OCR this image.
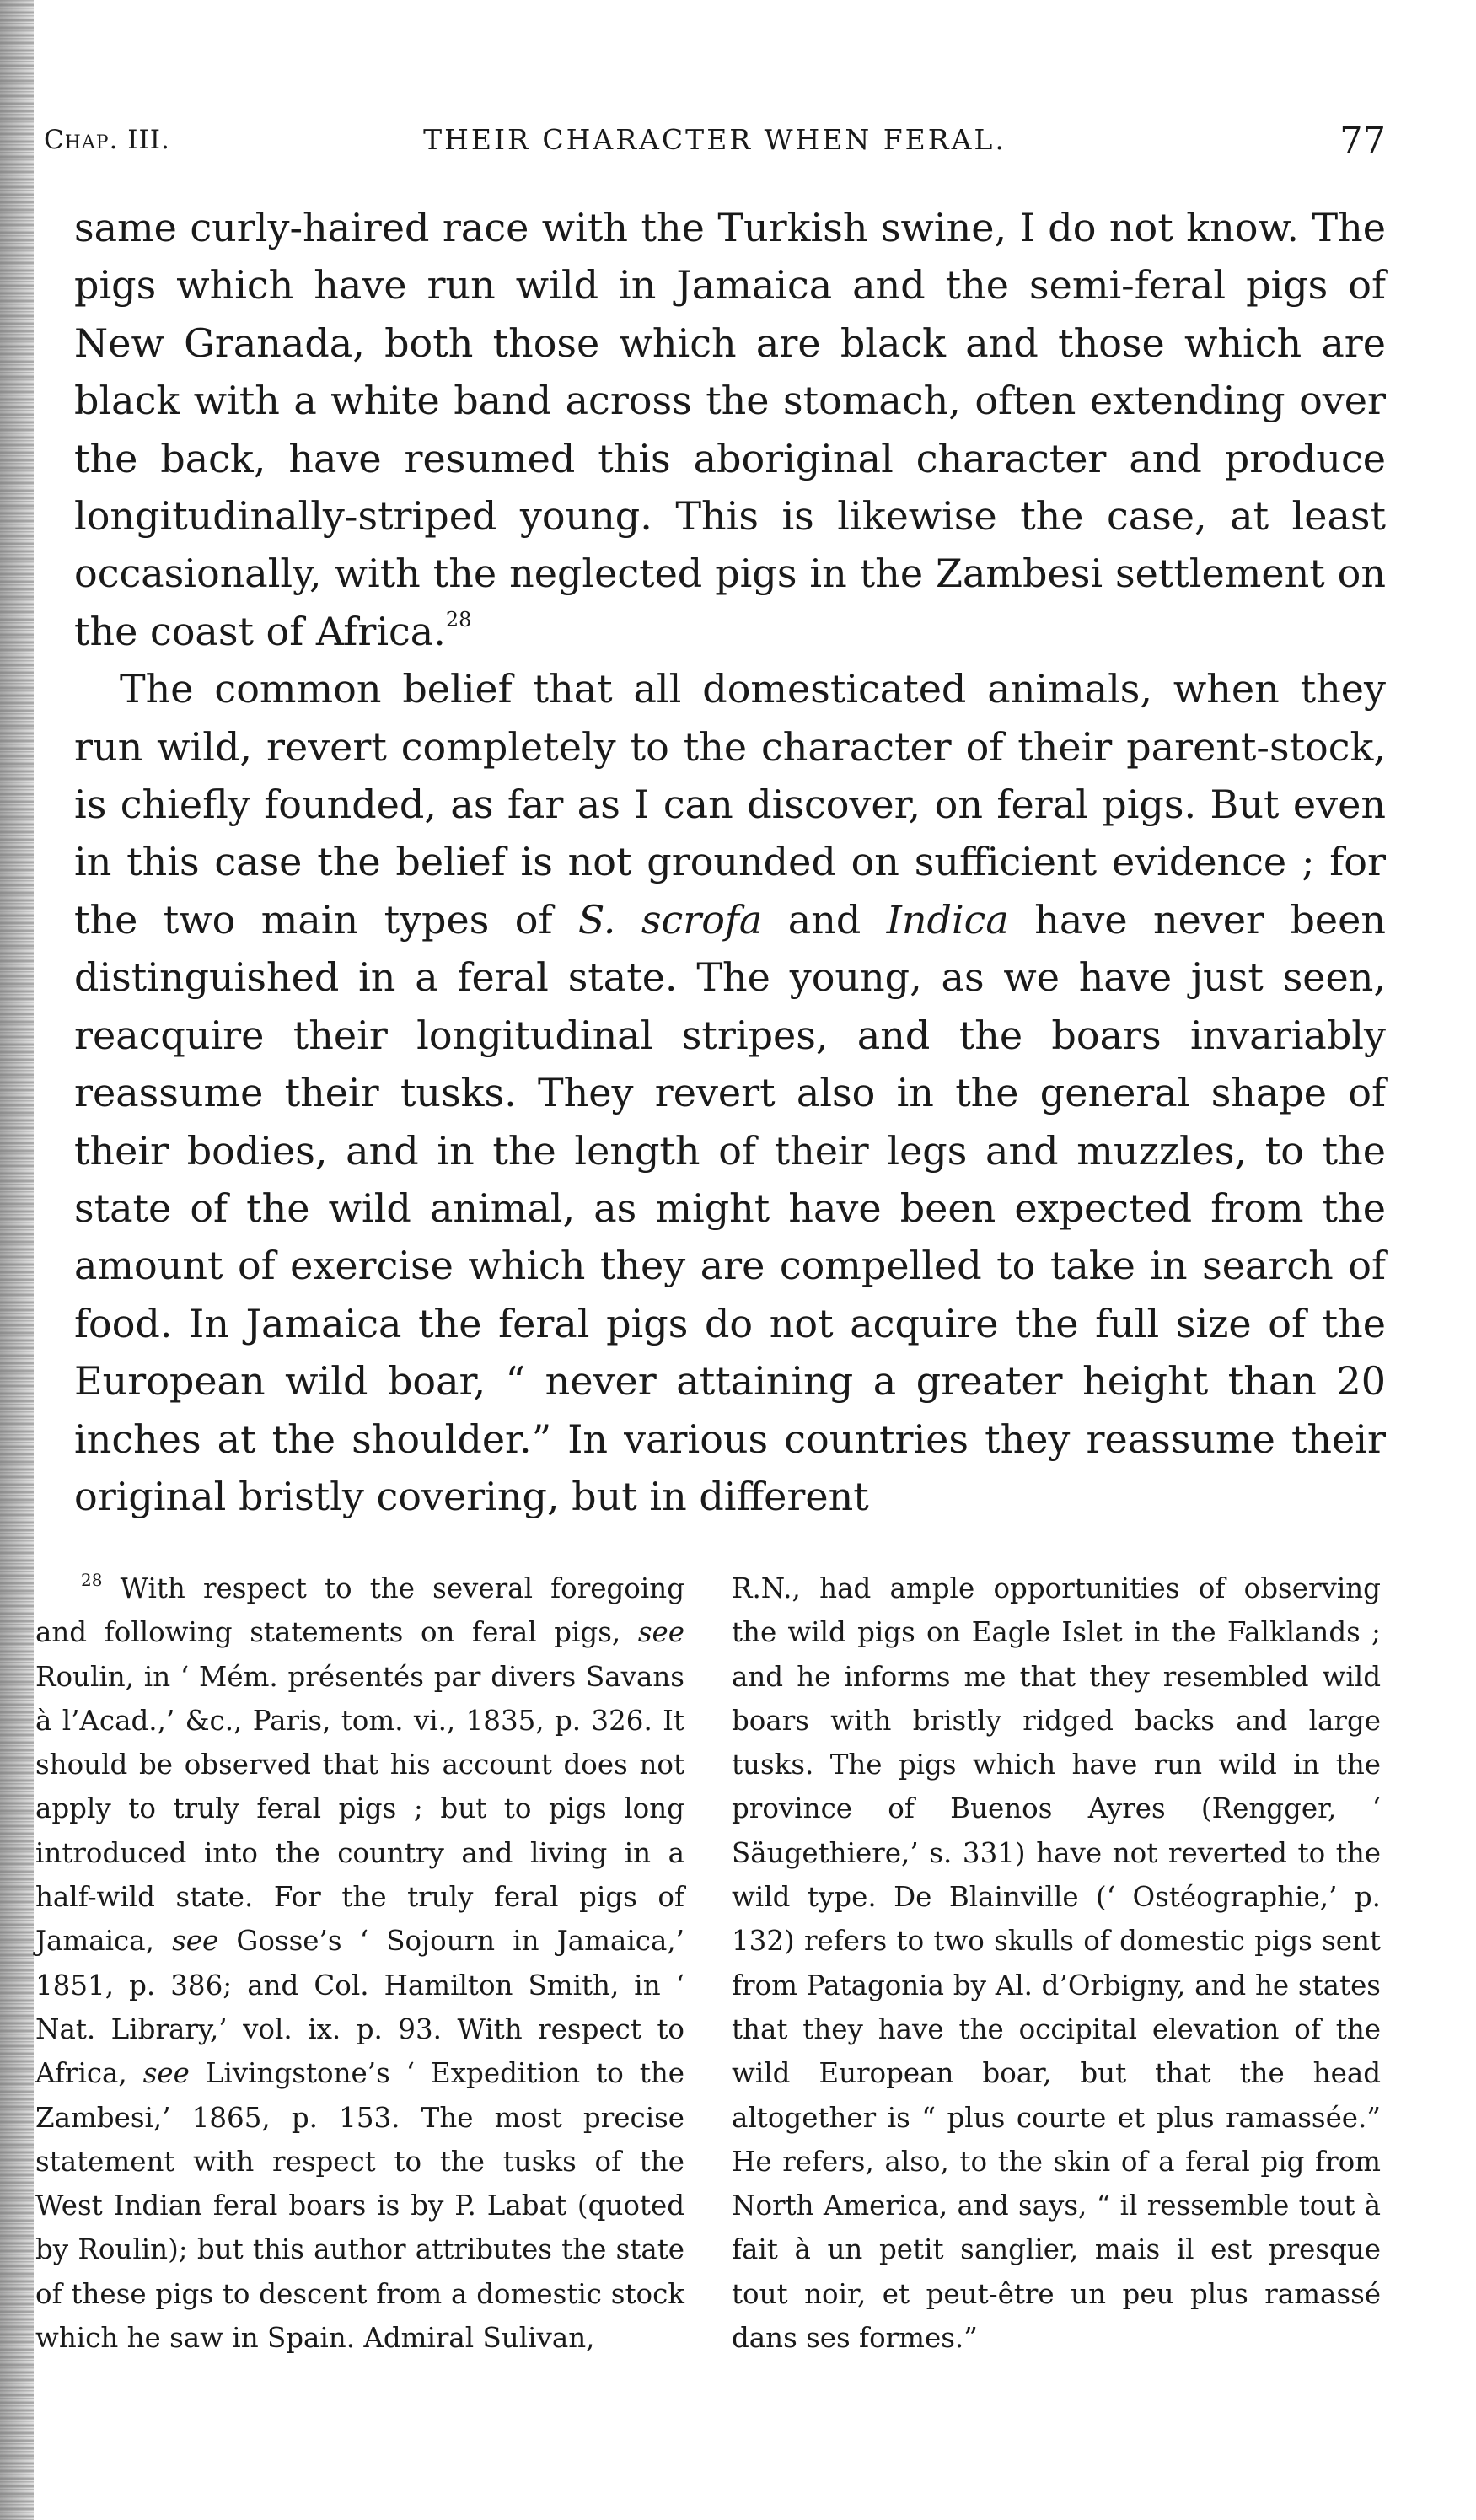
Chap. III.	THEIR CHARACTER WHEN FERAL.	77

same curly-haired race with the Turkish swine, I do not know. The pigs which have run wild in Jamaica and the semi-feral pigs of New Granada, both those which are black and those which are black with a white band across the stomach, often extending over the back, have resumed this aboriginal character and produce longitudinally-striped young. This is likewise the case, at least occasionally, with the neglected pigs in the Zambesi settlement on the coast of Africa.$^{28}$

The common belief that all domesticated animals, when they run wild, revert completely to the character of their parent-stock, is chiefly founded, as far as I can discover, on feral pigs. But even in this case the belief is not grounded on sufficient evidence ; for the two main types of S. scrofa and Indica have never been distinguished in a feral state. The young, as we have just seen, reacquire their longitudinal stripes, and the boars invariably reassume their tusks. They revert also in the general shape of their bodies, and in the length of their legs and muzzles, to the state of the wild animal, as might have been expected from the amount of exercise which they are compelled to take in search of food. In Jamaica the feral pigs do not acquire the full size of the European wild boar, “ never attaining a greater height than 20 inches at the shoulder.” In various countries they reassume their original bristly covering, but in different

$^{28}$ With respect to the several foregoing and following statements on feral pigs, see Roulin, in ‘ Mém. présentés par divers Savans à l’Acad.,’ &c., Paris, tom. vi., 1835, p. 326. It should be observed that his account does not apply to truly feral pigs ; but to pigs long introduced into the country and living in a half-wild state. For the truly feral pigs of Jamaica, see Gosse’s ‘ Sojourn in Jamaica,’ 1851, p. 386; and Col. Hamilton Smith, in ‘ Nat. Library,’ vol. ix. p. 93. With respect to Africa, see Livingstone’s ‘ Expedition to the Zambesi,’ 1865, p. 153. The most precise statement with respect to the tusks of the West Indian feral boars is by P. Labat (quoted by Roulin); but this author attributes the state of these pigs to descent from a domestic stock which he saw in Spain. Admiral Sulivan,

R.N., had ample opportunities of observing the wild pigs on Eagle Islet in the Falklands ; and he informs me that they resembled wild boars with bristly ridged backs and large tusks. The pigs which have run wild in the province of Buenos Ayres (Rengger, ‘ Säugethiere,’ s. 331) have not reverted to the wild type. De Blainville (‘ Ostéographie,’ p. 132) refers to two skulls of domestic pigs sent from Patagonia by Al. d’Orbigny, and he states that they have the occipital elevation of the wild European boar, but that the head altogether is “ plus courte et plus ramassée.” He refers, also, to the skin of a feral pig from North America, and says, “ il ressemble tout à fait à un petit sanglier, mais il est presque tout noir, et peut-être un peu plus ramassé dans ses formes.”
